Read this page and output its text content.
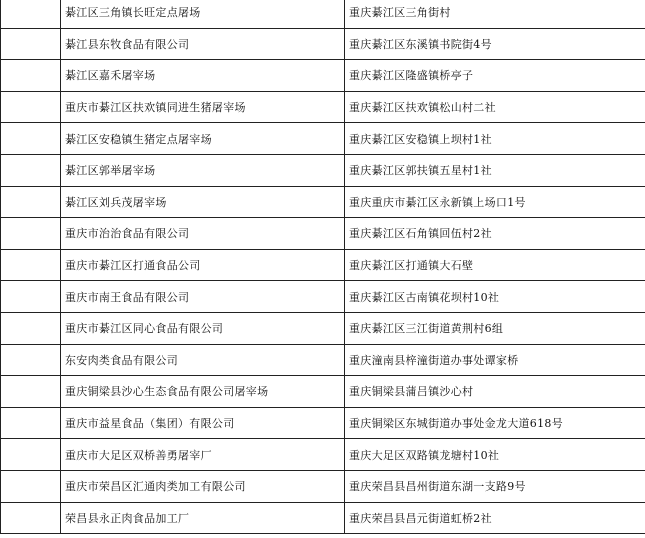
	綦江区三角镇长旺定点屠场	重庆綦江区三角街村
	綦江县东牧食品有限公司	重庆綦江区东溪镇书院街4号
	綦江区嘉禾屠宰场	重庆綦江区隆盛镇桥亭子
	重庆市綦江区扶欢镇同进生猪屠宰场	重庆綦江区扶欢镇松山村二社
	綦江区安稳镇生猪定点屠宰场	重庆綦江区安稳镇上坝村1社
	綦江区郭举屠宰场	重庆綦江区郭扶镇五星村1社
	綦江区刘兵茂屠宰场	重庆重庆市綦江区永新镇上场口1号
	重庆市治治食品有限公司	重庆綦江区石角镇回伍村2社
	重庆市綦江区打通食品公司	重庆綦江区打通镇大石壁
	重庆市南王食品有限公司	重庆綦江区古南镇花坝村10社
	重庆市綦江区同心食品有限公司	重庆綦江区三江街道黄荆村6组
	东安肉类食品有限公司	重庆潼南县梓潼街道办事处谭家桥
	重庆铜梁县沙心生态食品有限公司屠宰场	重庆铜梁县蒲吕镇沙心村
	重庆市益星食品（集团）有限公司	重庆铜梁区东城街道办事处金龙大道618号
	重庆市大足区双桥善勇屠宰厂	重庆大足区双路镇龙塘村10社
	重庆市荣昌区汇通肉类加工有限公司	重庆荣昌县昌州街道东湖一支路9号
	荣昌县永正肉食品加工厂	重庆荣昌县昌元街道虹桥2社
